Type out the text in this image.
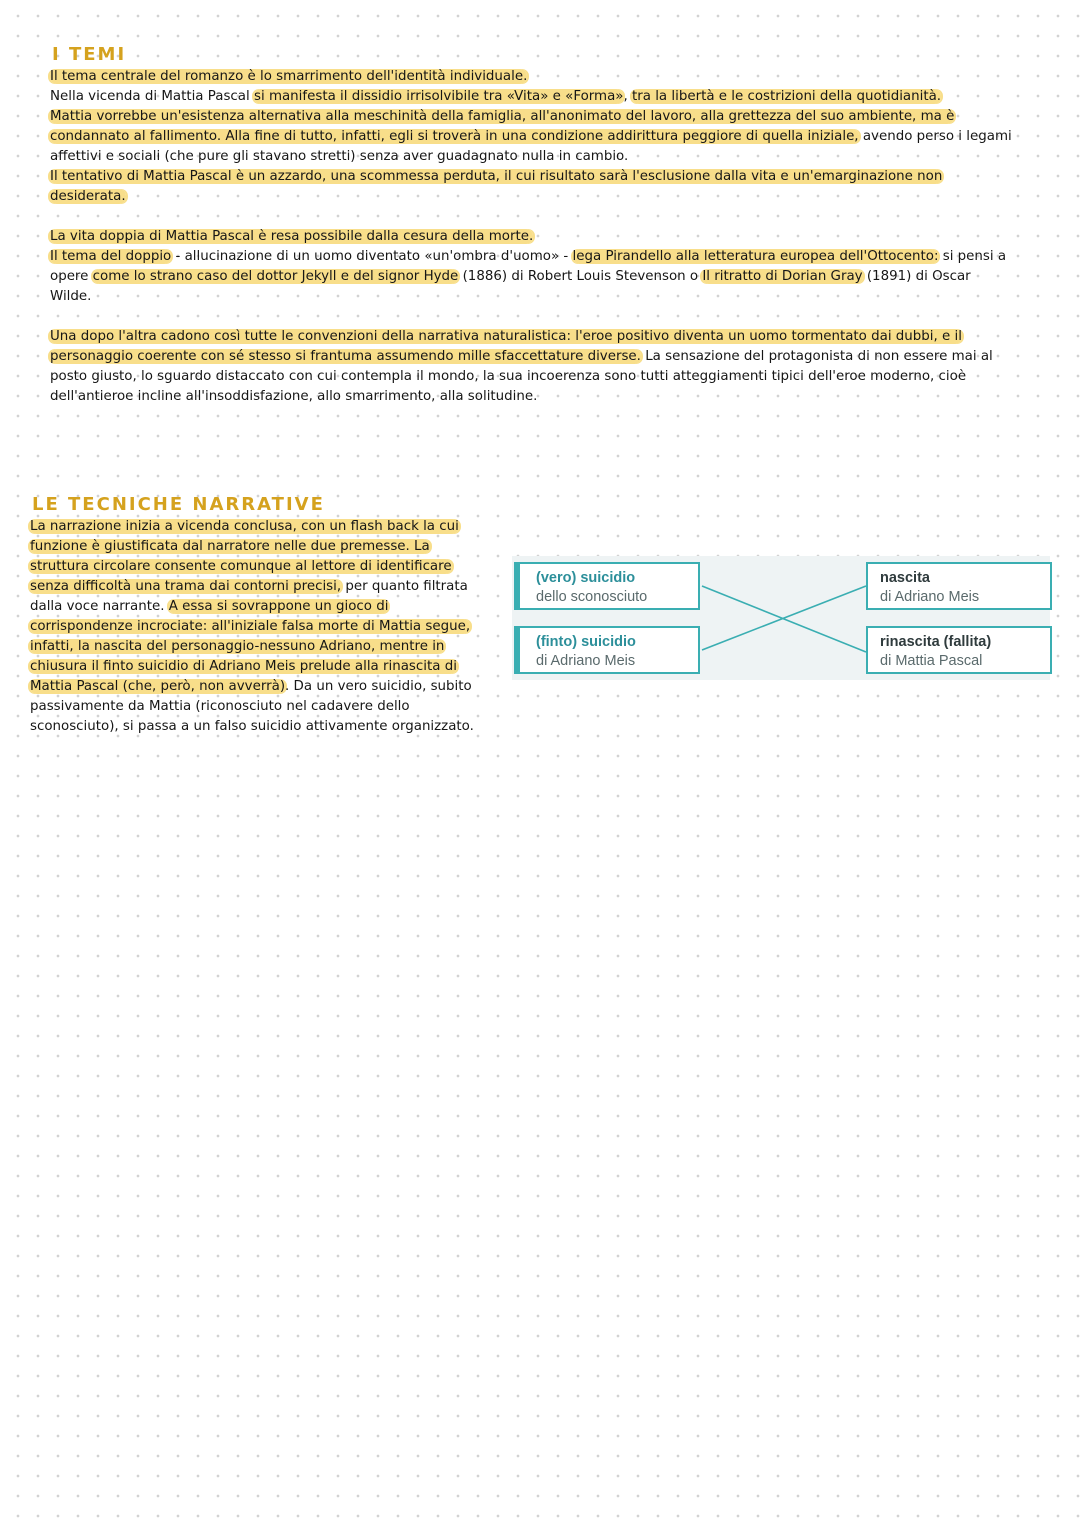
I TEMI
Il tema centrale del romanzo è lo smarrimento dell'identità individuale.
Nella vicenda di Mattia Pascal si manifesta il dissidio irrisolvibile tra «Vita» e «Forma», tra la libertà e le costrizioni della quotidianità.
Mattia vorrebbe un'esistenza alternativa alla meschinità della famiglia, all'anonimato del lavoro, alla grettezza del suo ambiente, ma è condannato al fallimento. Alla fine di tutto, infatti, egli si troverà in una condizione addirittura peggiore di quella iniziale, avendo perso i legami affettivi e sociali (che pure gli stavano stretti) senza aver guadagnato nulla in cambio.
Il tentativo di Mattia Pascal è un azzardo, una scommessa perduta, il cui risultato sarà l'esclusione dalla vita e un'emarginazione non desiderata.
La vita doppia di Mattia Pascal è resa possibile dalla cesura della morte.
Il tema del doppio - allucinazione di un uomo diventato «un'ombra d'uomo» - lega Pirandello alla letteratura europea dell'Ottocento: si pensi a opere come lo strano caso del dottor Jekyll e del signor Hyde (1886) di Robert Louis Stevenson o Il ritratto di Dorian Gray (1891) di Oscar Wilde.
Una dopo l'altra cadono così tutte le convenzioni della narrativa naturalistica: l'eroe positivo diventa un uomo tormentato dai dubbi, e il personaggio coerente con sé stesso si frantuma assumendo mille sfaccettature diverse. La sensazione del protagonista di non essere mai al posto giusto, lo sguardo distaccato con cui contempla il mondo, la sua incoerenza sono tutti atteggiamenti tipici dell'eroe moderno, cioè dell'antieroe incline all'insoddisfazione, allo smarrimento, alla solitudine.
LE TECNICHE NARRATIVE
La narrazione inizia a vicenda conclusa, con un flash back la cui funzione è giustificata dal narratore nelle due premesse. La struttura circolare consente comunque al lettore di identificare senza difficoltà una trama dai contorni precisi, per quanto filtrata dalla voce narrante. A essa si sovrappone un gioco di corrispondenze incrociate: all'iniziale falsa morte di Mattia segue, infatti, la nascita del personaggio-nessuno Adriano, mentre in chiusura il finto suicidio di Adriano Meis prelude alla rinascita di Mattia Pascal (che, però, non avverrà). Da un vero suicidio, subito passivamente da Mattia (riconosciuto nel cadavere dello sconosciuto), si passa a un falso suicidio attivamente organizzato.
(vero) suicidio
dello sconosciuto
(finto) suicidio
di Adriano Meis
nascita
di Adriano Meis
rinascita (fallita)
di Mattia Pascal
